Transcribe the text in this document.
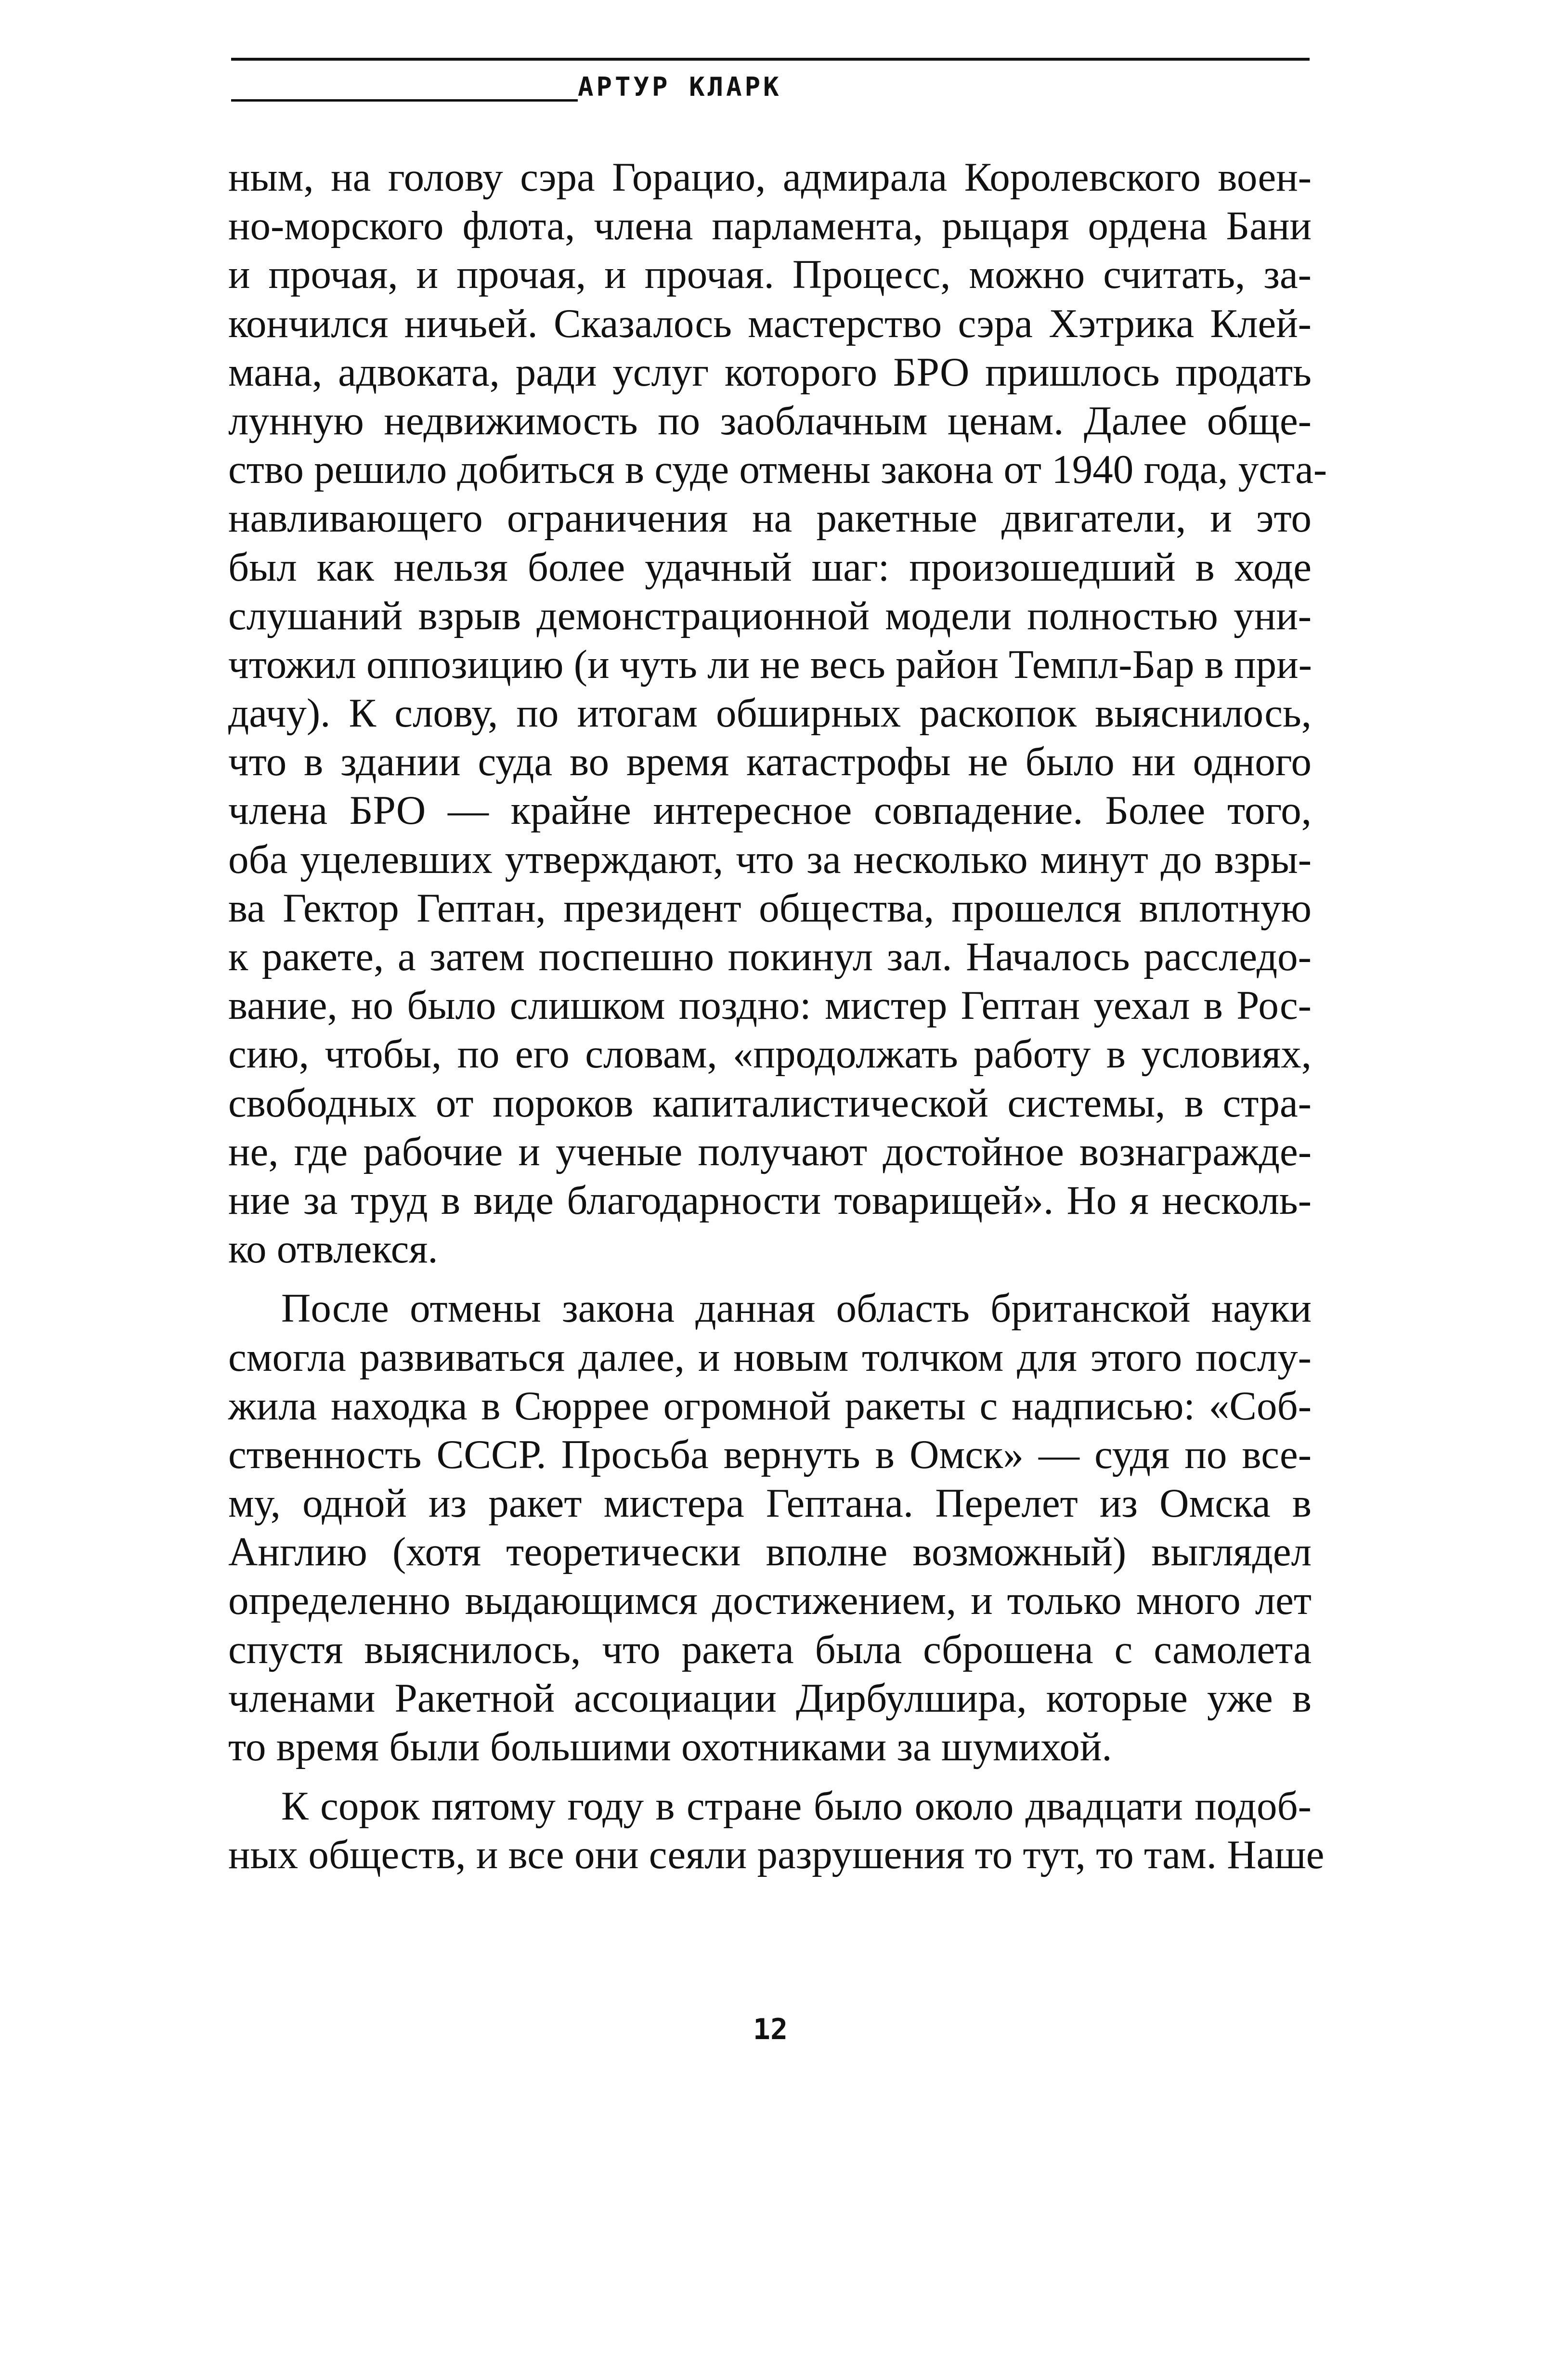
АРТУР КЛАРК
ным, на голову сэра Горацио, адмирала Королевского воен-
но-морского флота, члена парламента, рыцаря ордена Бани
и прочая, и прочая, и прочая. Процесс, можно считать, за-
кончился ничьей. Сказалось мастерство сэра Хэтрика Клей-
мана, адвоката, ради услуг которого БРО пришлось продать
лунную недвижимость по заоблачным ценам. Далее обще-
ство решило добиться в суде отмены закона от 1940 года, уста-
навливающего ограничения на ракетные двигатели, и это
был как нельзя более удачный шаг: произошедший в ходе
слушаний взрыв демонстрационной модели полностью уни-
чтожил оппозицию (и чуть ли не весь район Темпл-Бар в при-
дачу). К слову, по итогам обширных раскопок выяснилось,
что в здании суда во время катастрофы не было ни одного
члена БРО — крайне интересное совпадение. Более того,
оба уцелевших утверждают, что за несколько минут до взры-
ва Гектор Гептан, президент общества, прошелся вплотную
к ракете, а затем поспешно покинул зал. Началось расследо-
вание, но было слишком поздно: мистер Гептан уехал в Рос-
сию, чтобы, по его словам, «продолжать работу в условиях,
свободных от пороков капиталистической системы, в стра-
не, где рабочие и ученые получают достойное вознагражде-
ние за труд в виде благодарности товарищей». Но я несколь-
ко отвлекся.
После отмены закона данная область британской науки
смогла развиваться далее, и новым толчком для этого послу-
жила находка в Сюррее огромной ракеты с надписью: «Соб-
ственность СССР. Просьба вернуть в Омск» — судя по все-
му, одной из ракет мистера Гептана. Перелет из Омска в
Англию (хотя теоретически вполне возможный) выглядел
определенно выдающимся достижением, и только много лет
спустя выяснилось, что ракета была сброшена с самолета
членами Ракетной ассоциации Дирбулшира, которые уже в
то время были большими охотниками за шумихой.
К сорок пятому году в стране было около двадцати подоб-
ных обществ, и все они сеяли разрушения то тут, то там. Наше
12
